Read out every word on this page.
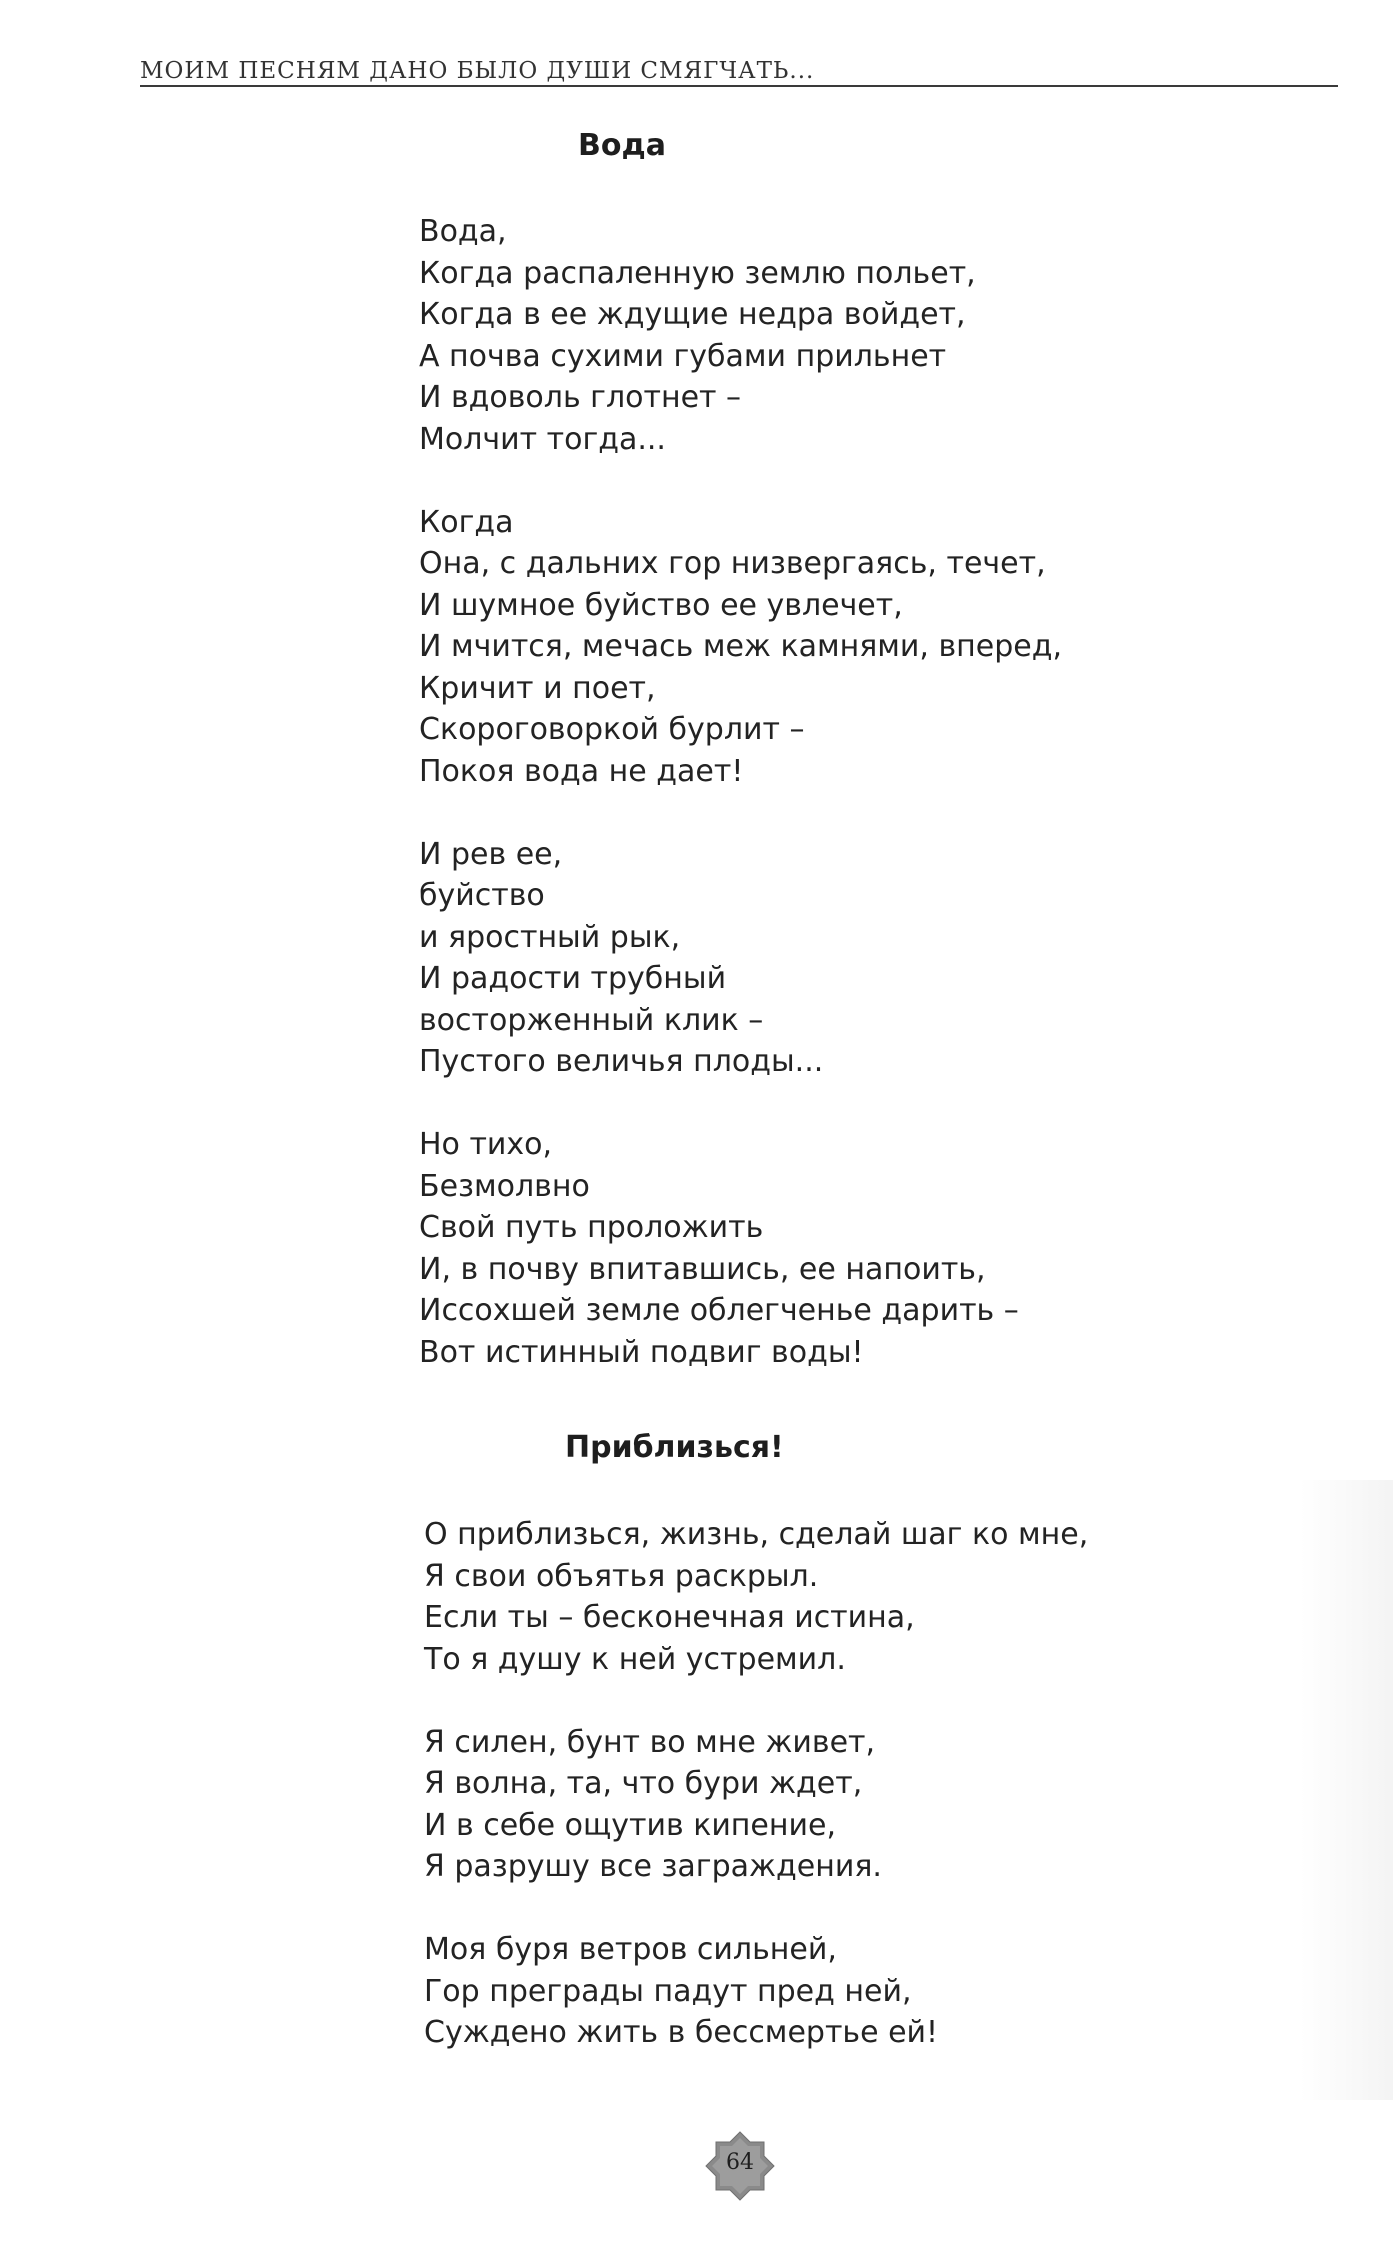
МОИМ ПЕСНЯМ ДАНО БЫЛО ДУШИ СМЯГЧАТЬ...
Вода
Вода,
Когда распаленную землю польет,
Когда в ее ждущие недра войдет,
А почва сухими губами прильнет
И вдоволь глотнет –
Молчит тогда...
Когда
Она, с дальних гор низвергаясь, течет,
И шумное буйство ее увлечет,
И мчится, мечась меж камнями, вперед,
Кричит и поет,
Скороговоркой бурлит –
Покоя вода не дает!
И рев ее,
буйство
и яростный рык,
И радости трубный
восторженный клик –
Пустого величья плоды...
Но тихо,
Безмолвно
Свой путь проложить
И, в почву впитавшись, ее напоить,
Иссохшей земле облегченье дарить –
Вот истинный подвиг воды!
Приблизься!
О приблизься, жизнь, сделай шаг ко мне,
Я свои объятья раскрыл.
Если ты – бесконечная истина,
То я душу к ней устремил.
Я силен, бунт во мне живет,
Я волна, та, что бури ждет,
И в себе ощутив кипение,
Я разрушу все заграждения.
Моя буря ветров сильней,
Гор преграды падут пред ней,
Суждено жить в бессмертье ей!
64
